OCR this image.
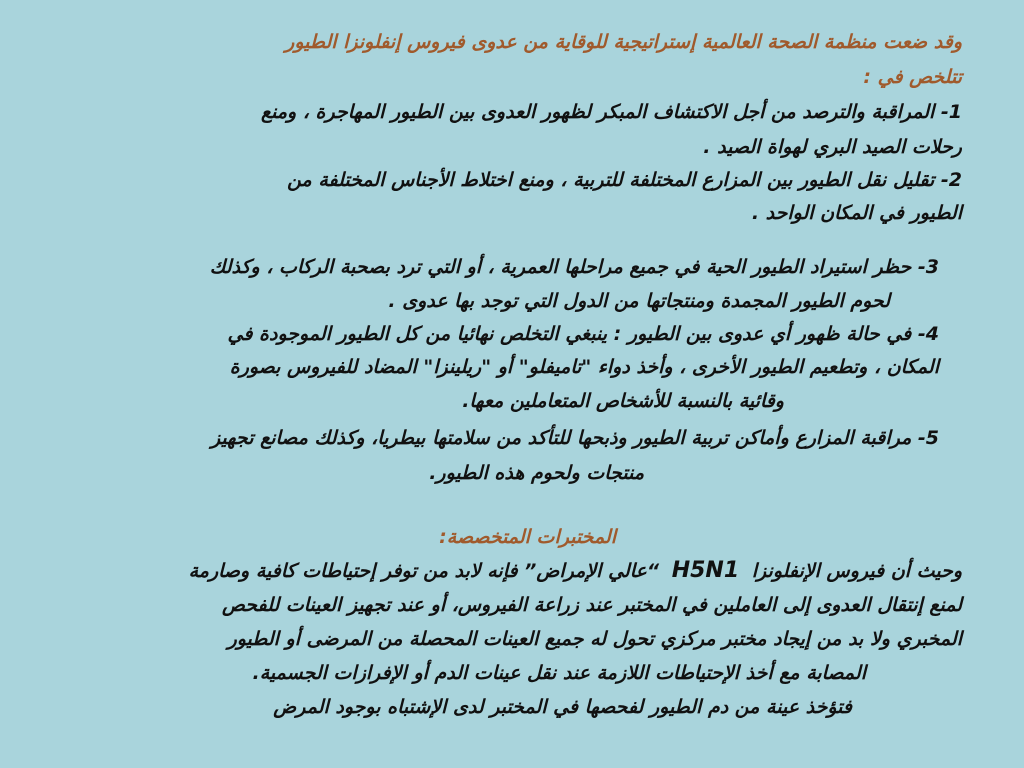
وقد ضعت منظمة الصحة العالمية إستراتيجية للوقاية من عدوى فيروس إنفلونزا الطيور

تتلخص في :

1- المراقبة والترصد من أجل الاكتشاف المبكر لظهور العدوى بين الطيور المهاجرة ، ومنع

رحلات الصيد البري لهواة الصيد .

2- تقليل نقل الطيور بين المزارع المختلفة للتربية ، ومنع اختلاط الأجناس المختلفة من

الطيور في المكان الواحد .

3- حظر استيراد الطيور الحية في جميع مراحلها العمرية ، أو التي ترد بصحبة الركاب ، وكذلك

لحوم الطيور المجمدة ومنتجاتها من الدول التي توجد بها عدوى .

4- في حالة ظهور أي عدوى بين الطيور : ينبغي التخلص نهائيا من كل الطيور الموجودة في

المكان ، وتطعيم الطيور الأخرى ، وأخذ دواء "تاميفلو" أو "ريلينزا" المضاد للفيروس بصورة

وقائية بالنسبة للأشخاص المتعاملين معها.

5- مراقبة المزارع وأماكن تربية الطيور وذبحها للتأكد من سلامتها بيطريا، وكذلك مصانع تجهيز

منتجات ولحوم هذه الطيور.

المختبرات المتخصصة:

وحيث أن فيروس الإنفلونزا H5N1 “عالي الإمراض” فإنه لابد من توفر إحتياطات كافية وصارمة

لمنع إنتقال العدوى إلى العاملين في المختبر عند زراعة الفيروس، أو عند تجهيز العينات للفحص

المخبري ولا بد من إيجاد مختبر مركزي تحول له جميع العينات المحصلة من المرضى أو الطيور

المصابة مع أخذ الإحتياطات اللازمة عند نقل عينات الدم أو الإفرازات الجسمية.

فتؤخذ عينة من دم الطيور لفحصها في المختبر لدى الإشتباه بوجود المرض
